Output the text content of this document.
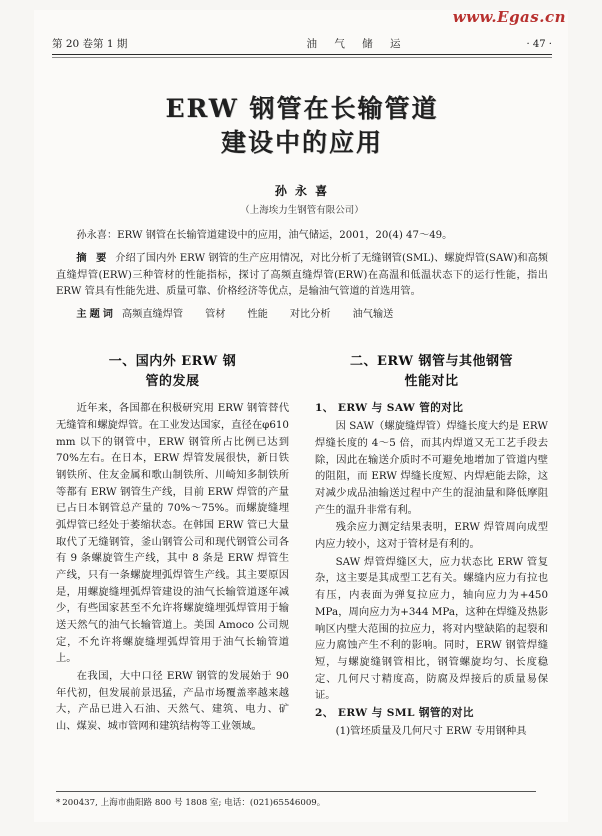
www.Egas.cn
第 20 卷第 1 期	油 气 储 运	· 47 ·
ERW 钢管在长输管道
建设中的应用
孙 永 喜
（上海埃力生钢管有限公司）

孙永喜：ERW 钢管在长输管道建设中的应用，油气储运，2001，20(4) 47～49。

摘 要 介绍了国内外 ERW 钢管的生产应用情况，对比分析了无缝钢管(SML)、螺旋焊管(SAW)和高频直缝焊管(ERW)三种管材的性能指标，探讨了高频直缝焊管(ERW)在高温和低温状态下的运行性能，指出 ERW 管具有性能先进、质量可靠、价格经济等优点，是输油气管道的首选用管。

主题词 高频直缝焊管 管材 性能 对比分析 油气输送

一、国内外 ERW 钢
管的发展

近年来，各国都在积极研究用 ERW 钢管替代无缝管和螺旋焊管。在工业发达国家，直径在φ610 mm 以下的钢管中，ERW 钢管所占比例已达到 70%左右。在日本，ERW 焊管发展很快，新日铁钢铁所、住友金属和歌山制铁所、川崎知多制铁所等都有 ERW 钢管生产线，目前 ERW 焊管的产量已占日本钢管总产量的 70%～75%。而螺旋缝埋弧焊管已经处于萎缩状态。在韩国 ERW 管已大量取代了无缝钢管，釜山钢管公司和现代钢管公司各有 9 条螺旋管生产线，其中 8 条是 ERW 焊管生产线，只有一条螺旋埋弧焊管生产线。其主要原因是，用螺旋缝埋弧焊管建设的油气长输管道逐年减少，有些国家甚至不允许将螺旋缝埋弧焊管用于输送天然气的油气长输管道上。美国 Amoco 公司规定，不允许将螺旋缝埋弧焊管用于油气长输管道上。

在我国，大中口径 ERW 钢管的发展始于 90 年代初，但发展前景迅猛，产品市场覆盖率越来越大，产品已进入石油、天然气、建筑、电力、矿山、煤炭、城市管网和建筑结构等工业领域。

二、ERW 钢管与其他钢管
性能对比

1、 ERW 与 SAW 管的对比

因 SAW（螺旋缝焊管）焊缝长度大约是 ERW 焊缝长度的 4～5 倍，而其内焊道又无工艺手段去除，因此在输送介质时不可避免地增加了管道内壁的阻阻，而 ERW 焊缝长度短、内焊疤能去除，这对减少成品油输送过程中产生的混油量和降低摩阻产生的温升非常有利。

残余应力测定结果表明，ERW 焊管周向成型内应力较小，这对于管材是有利的。

SAW 焊管焊缝区大，应力状态比 ERW 管复杂，这主要是其成型工艺有关。螺缝内应力有拉也有压，内表面为弹复拉应力，轴向应力为+450 MPa，周向应力为+344 MPa，这种在焊缝及热影响区内壁大范围的拉应力，将对内壁缺陷的起裂和应力腐蚀产生不利的影响。同时，ERW 钢管焊缝短，与螺旋缝钢管相比，钢管螺旋均匀、长度稳定、几何尺寸精度高，防腐及焊接后的质量易保证。

2、 ERW 与 SML 钢管的对比

(1)管坯质量及几何尺寸 ERW 专用钢种具

* 200437, 上海市曲阳路 800 号 1808 室; 电话：(021)65546009。
